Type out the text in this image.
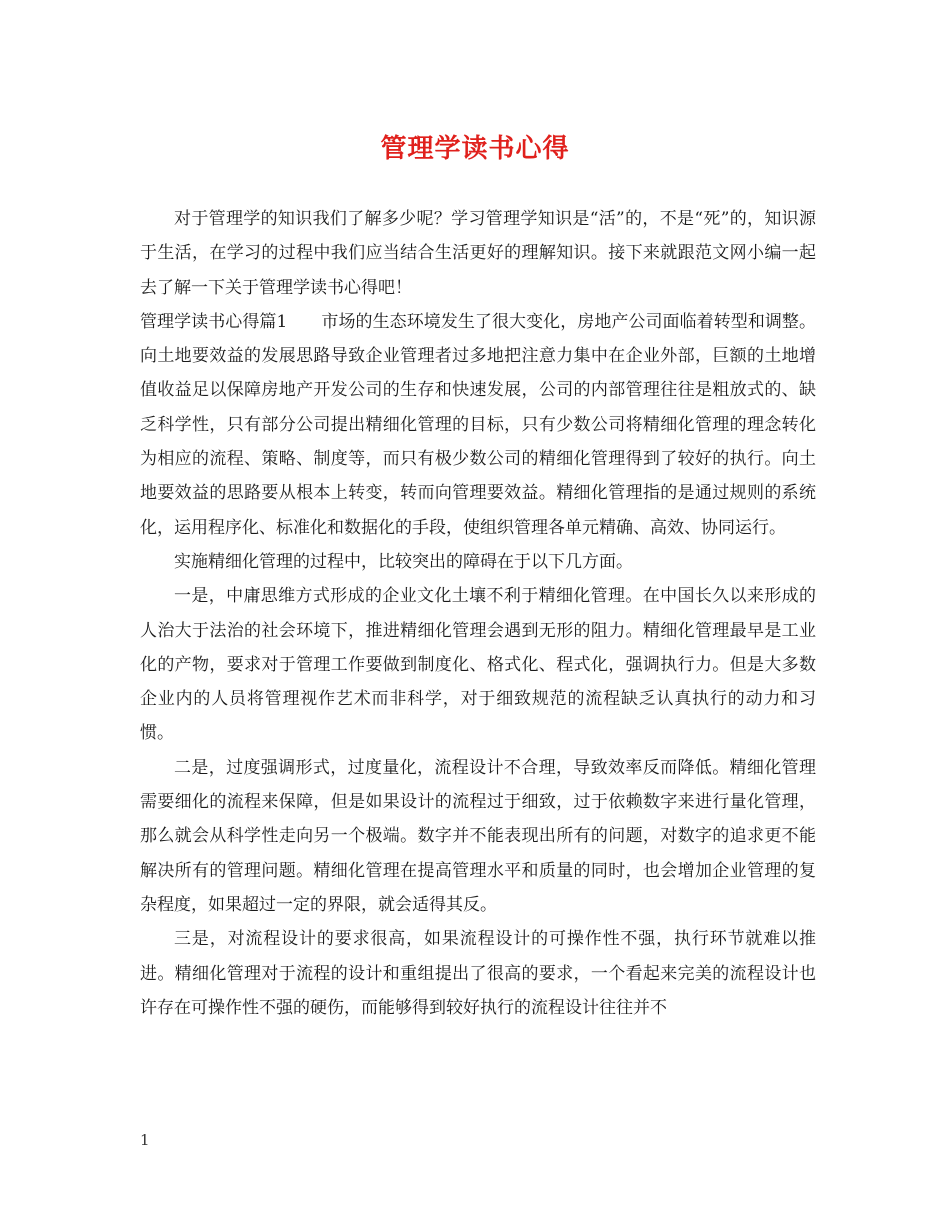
管理学读书心得

对于管理学的知识我们了解多少呢？学习管理学知识是“活”的，不是“死”的，知识源于生活，在学习的过程中我们应当结合生活更好的理解知识。接下来就跟范文网小编一起去了解一下关于管理学读书心得吧！

管理学读书心得篇1　　市场的生态环境发生了很大变化，房地产公司面临着转型和调整。向土地要效益的发展思路导致企业管理者过多地把注意力集中在企业外部，巨额的土地增值收益足以保障房地产开发公司的生存和快速发展，公司的内部管理往往是粗放式的、缺乏科学性，只有部分公司提出精细化管理的目标，只有少数公司将精细化管理的理念转化为相应的流程、策略、制度等，而只有极少数公司的精细化管理得到了较好的执行。向土地要效益的思路要从根本上转变，转而向管理要效益。精细化管理指的是通过规则的系统化，运用程序化、标准化和数据化的手段，使组织管理各单元精确、高效、协同运行。

实施精细化管理的过程中，比较突出的障碍在于以下几方面。

一是，中庸思维方式形成的企业文化土壤不利于精细化管理。在中国长久以来形成的人治大于法治的社会环境下，推进精细化管理会遇到无形的阻力。精细化管理最早是工业化的产物，要求对于管理工作要做到制度化、格式化、程式化，强调执行力。但是大多数企业内的人员将管理视作艺术而非科学，对于细致规范的流程缺乏认真执行的动力和习惯。

二是，过度强调形式，过度量化，流程设计不合理，导致效率反而降低。精细化管理需要细化的流程来保障，但是如果设计的流程过于细致，过于依赖数字来进行量化管理，那么就会从科学性走向另一个极端。数字并不能表现出所有的问题，对数字的追求更不能解决所有的管理问题。精细化管理在提高管理水平和质量的同时，也会增加企业管理的复杂程度，如果超过一定的界限，就会适得其反。

三是，对流程设计的要求很高，如果流程设计的可操作性不强，执行环节就难以推进。精细化管理对于流程的设计和重组提出了很高的要求，一个看起来完美的流程设计也许存在可操作性不强的硬伤，而能够得到较好执行的流程设计往往并不

1
